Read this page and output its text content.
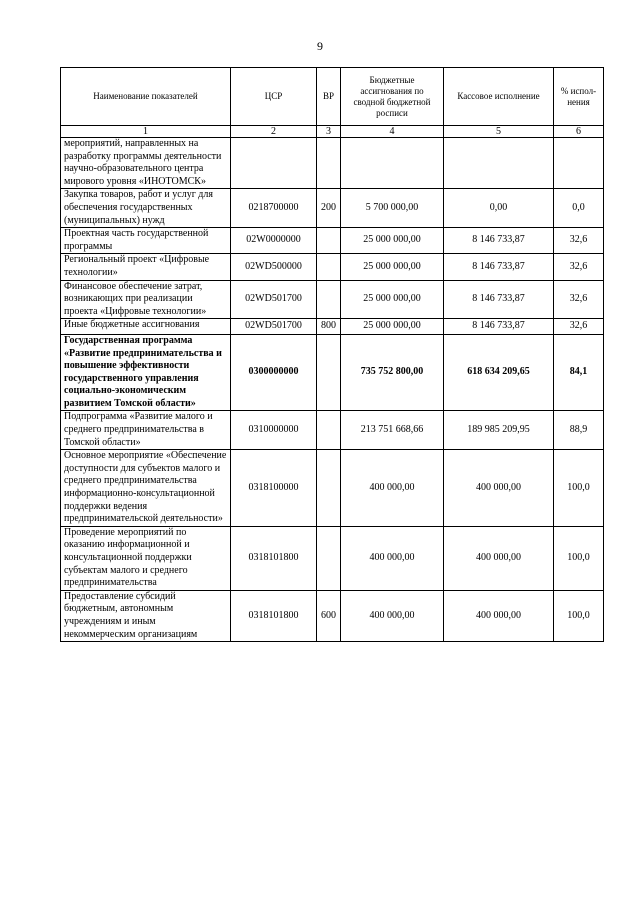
9
Наименование показателей	ЦСР	ВР	Бюджетные ассигнования по сводной бюджетной росписи	Кассовое исполнение	% испол-нения
1	2	3	4	5	6
мероприятий, направленных на разработку программы деятельности научно-образовательного центра мирового уровня «ИНОТОМСК»					
Закупка товаров, работ и услуг для обеспечения государственных (муниципальных) нужд	0218700000	200	5 700 000,00	0,00	0,0
Проектная часть государственной программы	02W0000000		25 000 000,00	8 146 733,87	32,6
Региональный проект «Цифровые технологии»	02WD500000		25 000 000,00	8 146 733,87	32,6
Финансовое обеспечение затрат, возникающих при реализации проекта «Цифровые технологии»	02WD501700		25 000 000,00	8 146 733,87	32,6
Иные бюджетные ассигнования	02WD501700	800	25 000 000,00	8 146 733,87	32,6
Государственная программа «Развитие предпринимательства и повышение эффективности государственного управления социально-экономическим развитием Томской области»	0300000000		735 752 800,00	618 634 209,65	84,1
Подпрограмма «Развитие малого и среднего предпринимательства в Томской области»	0310000000		213 751 668,66	189 985 209,95	88,9
Основное мероприятие «Обеспечение доступности для субъектов малого и среднего предпринимательства информационно-консультационной поддержки ведения предпринимательской деятельности»	0318100000		400 000,00	400 000,00	100,0
Проведение мероприятий по оказанию информационной и консультационной поддержки субъектам малого и среднего предпринимательства	0318101800		400 000,00	400 000,00	100,0
Предоставление субсидий бюджетным, автономным учреждениям и иным некоммерческим организациям	0318101800	600	400 000,00	400 000,00	100,0
